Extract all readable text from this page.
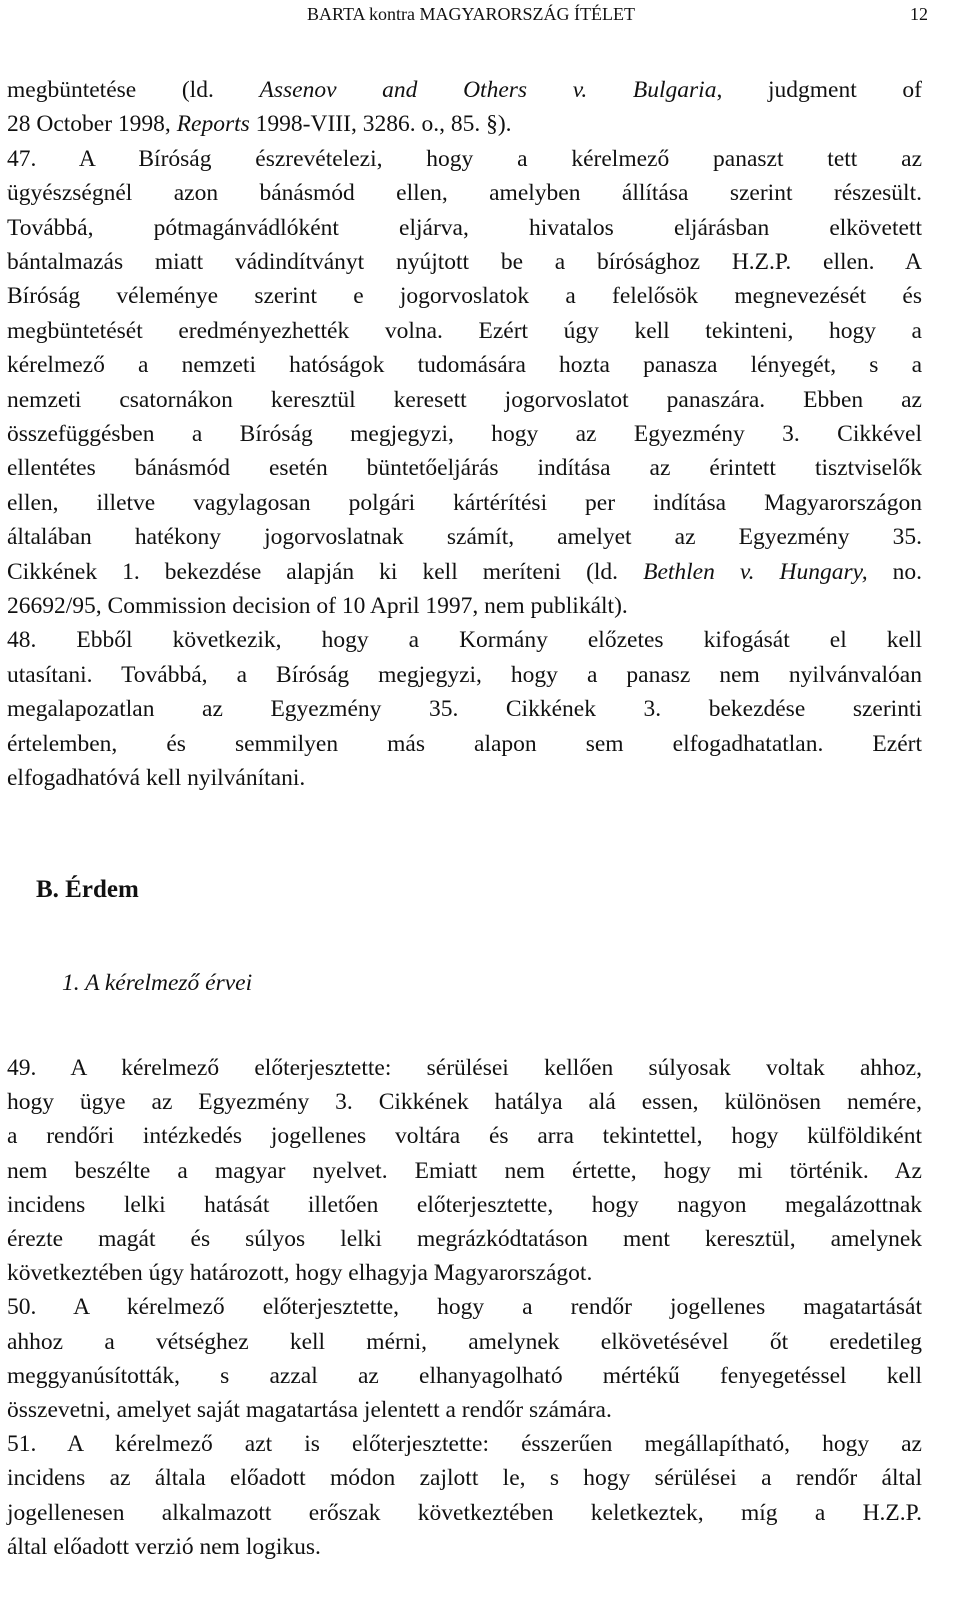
BARTA kontra MAGYARORSZÁG ÍTÉLET	12
megbüntetése (ld. Assenov and Others v. Bulgaria, judgment of
28 October 1998, Reports 1998-VIII, 3286. o., 85. §).
47. A Bíróság észrevételezi, hogy a kérelmező panaszt tett az
ügyészségnél azon bánásmód ellen, amelyben állítása szerint részesült.
Továbbá, pótmagánvádlóként eljárva, hivatalos eljárásban elkövetett
bántalmazás miatt vádindítványt nyújtott be a bírósághoz H.Z.P. ellen. A
Bíróság véleménye szerint e jogorvoslatok a felelősök megnevezését és
megbüntetését eredményezhették volna. Ezért úgy kell tekinteni, hogy a
kérelmező a nemzeti hatóságok tudomására hozta panasza lényegét, s a
nemzeti csatornákon keresztül keresett jogorvoslatot panaszára. Ebben az
összefüggésben a Bíróság megjegyzi, hogy az Egyezmény 3. Cikkével
ellentétes bánásmód esetén büntetőeljárás indítása az érintett tisztviselők
ellen, illetve vagylagosan polgári kártérítési per indítása Magyarországon
általában hatékony jogorvoslatnak számít, amelyet az Egyezmény 35.
Cikkének 1. bekezdése alapján ki kell meríteni (ld. Bethlen v. Hungary, no.
26692/95, Commission decision of 10 April 1997, nem publikált).
48. Ebből következik, hogy a Kormány előzetes kifogását el kell
utasítani. Továbbá, a Bíróság megjegyzi, hogy a panasz nem nyilvánvalóan
megalapozatlan az Egyezmény 35. Cikkének 3. bekezdése szerinti
értelemben, és semmilyen más alapon sem elfogadhatatlan. Ezért
elfogadhatóvá kell nyilvánítani.
B. Érdem
1. A kérelmező érvei
49. A kérelmező előterjesztette: sérülései kellően súlyosak voltak ahhoz,
hogy ügye az Egyezmény 3. Cikkének hatálya alá essen, különösen nemére,
a rendőri intézkedés jogellenes voltára és arra tekintettel, hogy külföldiként
nem beszélte a magyar nyelvet. Emiatt nem értette, hogy mi történik. Az
incidens lelki hatását illetően előterjesztette, hogy nagyon megalázottnak
érezte magát és súlyos lelki megrázkódtatáson ment keresztül, amelynek
következtében úgy határozott, hogy elhagyja Magyarországot.
50. A kérelmező előterjesztette, hogy a rendőr jogellenes magatartását
ahhoz a vétséghez kell mérni, amelynek elkövetésével őt eredetileg
meggyanúsították, s azzal az elhanyagolható mértékű fenyegetéssel kell
összevetni, amelyet saját magatartása jelentett a rendőr számára.
51. A kérelmező azt is előterjesztette: ésszerűen megállapítható, hogy az
incidens az általa előadott módon zajlott le, s hogy sérülései a rendőr által
jogellenesen alkalmazott erőszak következtében keletkeztek, míg a H.Z.P.
által előadott verzió nem logikus.
